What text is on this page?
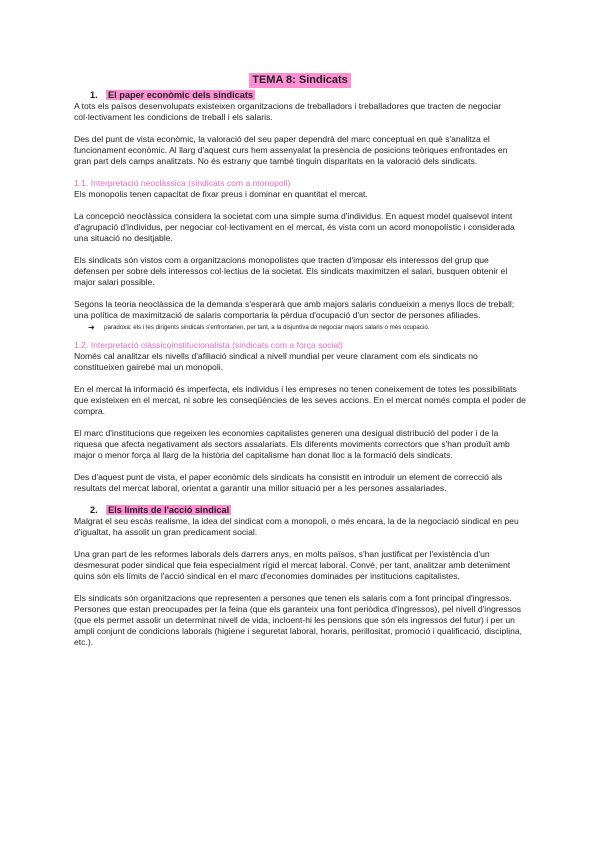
TEMA 8: Sindicats
1. El paper econòmic dels sindicats

A tots els països desenvolupats existeixen organitzacions de treballadors i treballadores que tracten de negociar col·lectivament les condicions de treball i els salaris.

Des del punt de vista econòmic, la valoració del seu paper dependrà del marc conceptual en què s'analitza el funcionament econòmic. Al llarg d'aquest curs hem assenyalat la presència de posicions teòriques enfrontades en gran part dels camps analitzats. No és estrany que també tinguin disparitats en la valoració dels sindicats.

1.1. Interpretació neoclàssica (sindicats com a monopoli)

Els monopolis tenen capacitat de fixar preus i dominar en quantitat el mercat.

La concepció neoclàssica considera la societat com una simple suma d'individus. En aquest model qualsevol intent d'agrupació d'individus, per negociar col·lectivament en el mercat, és vista com un acord monopolístic i considerada una situació no desitjable.

Els sindicats són vistos com a organitzacions monopolistes que tracten d'imposar els interessos del grup que defensen per sobre dels interessos col·lectius de la societat. Els sindicats maximitzen el salari, busquen obtenir el major salari possible.

Segons la teoria neoclàssica de la demanda s'esperarà que amb majors salaris condueixin a menys llocs de treball; una política de maximització de salaris comportaria la pèrdua d'ocupació d'un sector de persones afiliades.

➜	paradoxa: els i les dirigents sindicals s'enfrontarien, per tant, a la disjuntiva de negociar majors salaris o més ocupació.
1.2. Interpretació clàssicoinstitucionalista (sindicats com a força social)

Només cal analitzar els nivells d'afiliació sindical a nivell mundial per veure clarament com els sindicats no constitueixen gairebé mai un monopoli.

En el mercat la informació és imperfecta, els individus i les empreses no tenen coneixement de totes les possibilitats que existeixen en el mercat, ni sobre les conseqüències de les seves accions. En el mercat només compta el poder de compra.

El marc d'institucions que regeixen les economies capitalistes generen una desigual distribució del poder i de la riquesa que afecta negativament als sectors assalariats. Els diferents moviments correctors que s'han produït amb major o menor força al llarg de la història del capitalisme han donat lloc a la formació dels sindicats.

Des d'aquest punt de vista, el paper econòmic dels sindicats ha consistit en introduir un element de correcció als resultats del mercat laboral, orientat a garantir una millor situació per a les persones assalariades.

2. Els límits de l'acció sindical

Malgrat el seu escàs realisme, la idea del sindicat com a monopoli, o més encara, la de la negociació sindical en peu d'igualtat, ha assolit un gran predicament social.

Una gran part de les reformes laborals dels darrers anys, en molts països, s'han justificat per l'existència d'un desmesurat poder sindical que feia especialment rígid el mercat laboral. Convé, per tant, analitzar amb deteniment quins són els límits de l'acció sindical en el marc d'economies dominades per institucions capitalistes.

Els sindicats són organitzacions que representen a persones que tenen els salaris com a font principal d'ingressos. Persones que estan preocupades per la feina (que els garanteix una font periòdica d'ingressos), pel nivell d'ingressos (que els permet assolir un determinat nivell de vida, incloent-hi les pensions que són els ingressos del futur) i per un ampli conjunt de condicions laborals (higiene i seguretat laboral, horaris, perillositat, promoció i qualificació, disciplina, etc.).
